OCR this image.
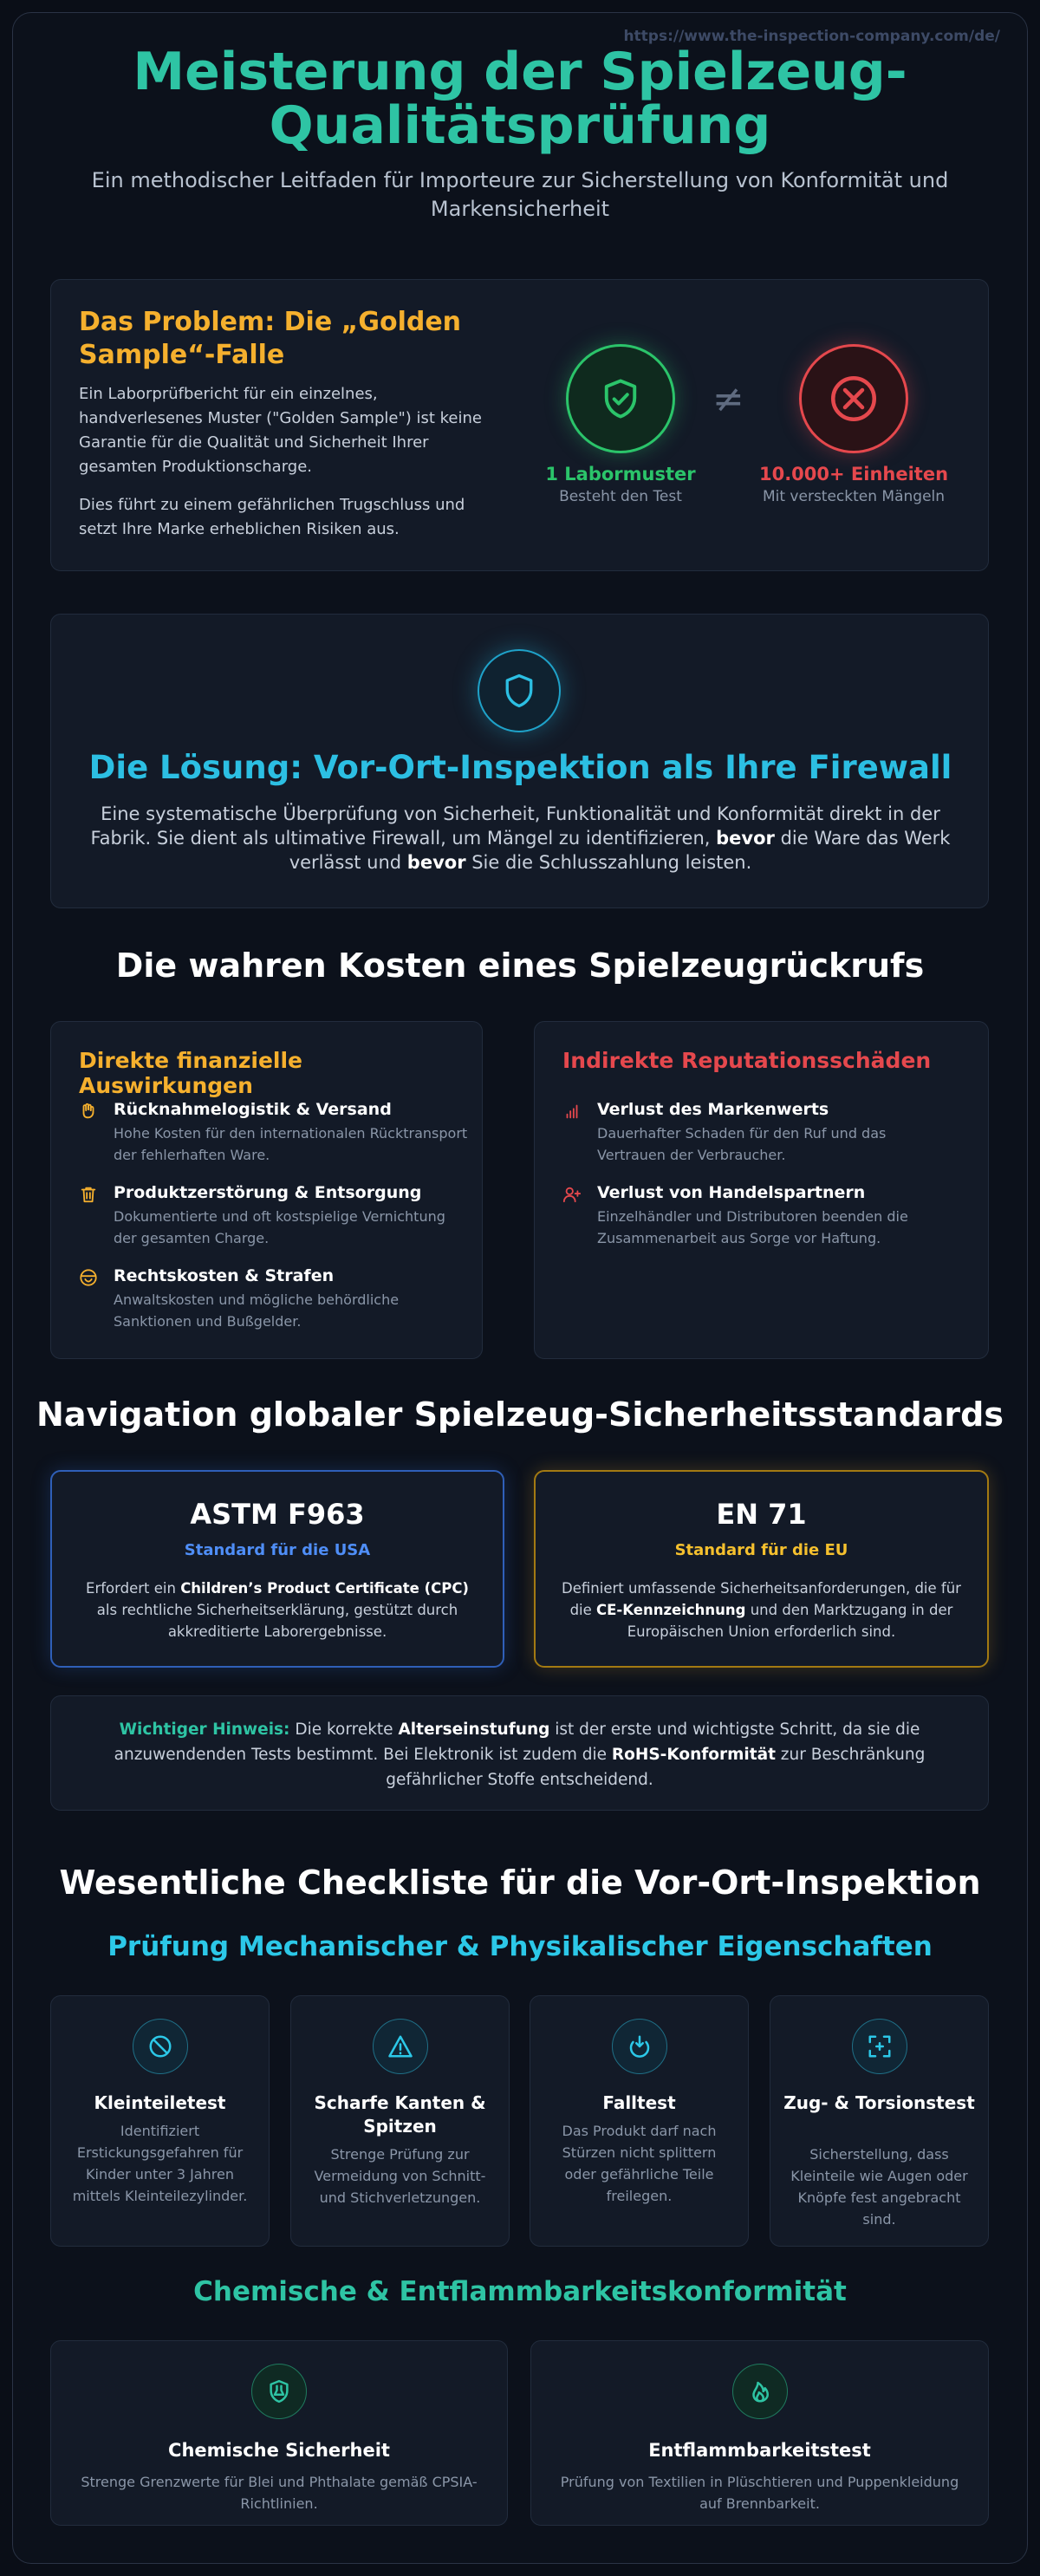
https://www.the-inspection-company.com/de/
Meisterung der Spielzeug-Qualitätsprüfung
Ein methodischer Leitfaden für Importeure zur Sicherstellung von Konformität und Markensicherheit
Das Problem: Die „Golden Sample“-Falle
Ein Laborprüfbericht für ein einzelnes, handverlesenes Muster ("Golden Sample") ist keine Garantie für die Qualität und Sicherheit Ihrer gesamten Produktionscharge.
Dies führt zu einem gefährlichen Trugschluss und setzt Ihre Marke erheblichen Risiken aus.
1 Labormuster
Besteht den Test
≠
10.000+ Einheiten
Mit versteckten Mängeln
Die Lösung: Vor-Ort-Inspektion als Ihre Firewall
Eine systematische Überprüfung von Sicherheit, Funktionalität und Konformität direkt in der Fabrik. Sie dient als ultimative Firewall, um Mängel zu identifizieren, bevor die Ware das Werk verlässt und bevor Sie die Schlusszahlung leisten.
Die wahren Kosten eines Spielzeugrückrufs
Direkte finanzielle Auswirkungen
Rücknahmelogistik & Versand
Hohe Kosten für den internationalen Rücktransport der fehlerhaften Ware.
Produktzerstörung & Entsorgung
Dokumentierte und oft kostspielige Vernichtung der gesamten Charge.
Rechtskosten & Strafen
Anwaltskosten und mögliche behördliche Sanktionen und Bußgelder.
Indirekte Reputationsschäden
Verlust des Markenwerts
Dauerhafter Schaden für den Ruf und das Vertrauen der Verbraucher.
Verlust von Handelspartnern
Einzelhändler und Distributoren beenden die Zusammenarbeit aus Sorge vor Haftung.
Navigation globaler Spielzeug-Sicherheitsstandards
ASTM F963
Standard für die USA
Erfordert ein Children’s Product Certificate (CPC) als rechtliche Sicherheitserklärung, gestützt durch akkreditierte Laborergebnisse.
EN 71
Standard für die EU
Definiert umfassende Sicherheitsanforderungen, die für die CE-Kennzeichnung und den Marktzugang in der Europäischen Union erforderlich sind.
Wichtiger Hinweis: Die korrekte Alterseinstufung ist der erste und wichtigste Schritt, da sie die anzuwendenden Tests bestimmt. Bei Elektronik ist zudem die RoHS-Konformität zur Beschränkung gefährlicher Stoffe entscheidend.
Wesentliche Checkliste für die Vor-Ort-Inspektion
Prüfung Mechanischer & Physikalischer Eigenschaften
Kleinteiletest
Identifiziert Erstickungsgefahren für Kinder unter 3 Jahren mittels Kleinteilezylinder.
Scharfe Kanten & Spitzen
Strenge Prüfung zur Vermeidung von Schnitt- und Stichverletzungen.
Falltest
Das Produkt darf nach Stürzen nicht splittern oder gefährliche Teile freilegen.
Zug- & Torsionstest
Sicherstellung, dass Kleinteile wie Augen oder Knöpfe fest angebracht sind.
Chemische & Entflammbarkeitskonformität
Chemische Sicherheit
Strenge Grenzwerte für Blei und Phthalate gemäß CPSIA-Richtlinien.
Entflammbarkeitstest
Prüfung von Textilien in Plüschtieren und Puppenkleidung auf Brennbarkeit.
